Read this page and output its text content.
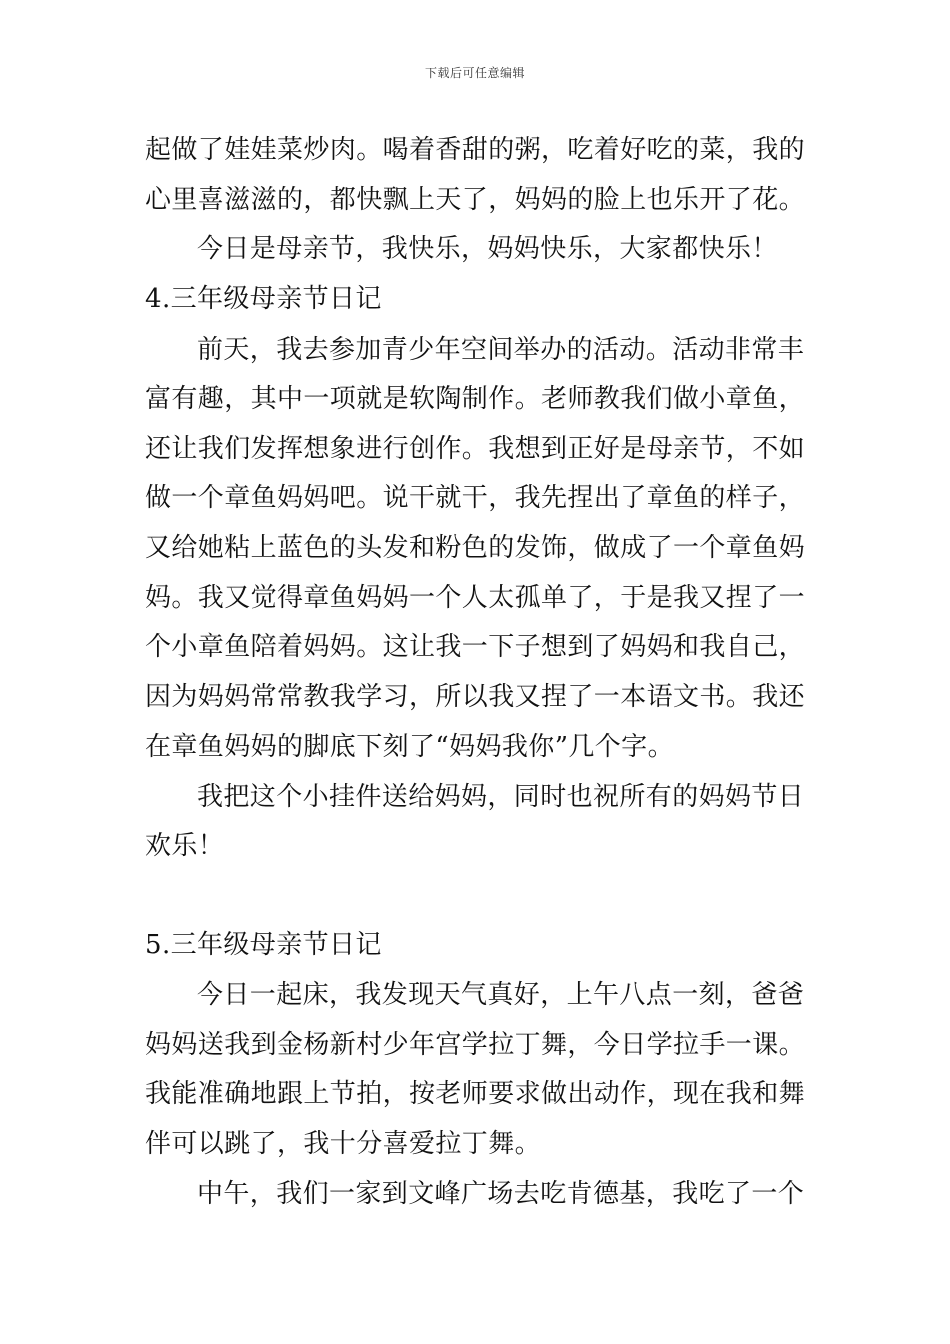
下载后可任意编辑
起做了娃娃菜炒肉。喝着香甜的粥，吃着好吃的菜，我的
心里喜滋滋的，都快飘上天了，妈妈的脸上也乐开了花。
今日是母亲节，我快乐，妈妈快乐，大家都快乐！
4.三年级母亲节日记
前天，我去参加青少年空间举办的活动。活动非常丰
富有趣，其中一项就是软陶制作。老师教我们做小章鱼，
还让我们发挥想象进行创作。我想到正好是母亲节，不如
做一个章鱼妈妈吧。说干就干，我先捏出了章鱼的样子，
又给她粘上蓝色的头发和粉色的发饰，做成了一个章鱼妈
妈。我又觉得章鱼妈妈一个人太孤单了，于是我又捏了一
个小章鱼陪着妈妈。这让我一下子想到了妈妈和我自己，
因为妈妈常常教我学习，所以我又捏了一本语文书。我还
在章鱼妈妈的脚底下刻了“妈妈我你”几个字。
我把这个小挂件送给妈妈，同时也祝所有的妈妈节日
欢乐！
5.三年级母亲节日记
今日一起床，我发现天气真好，上午八点一刻，爸爸
妈妈送我到金杨新村少年宫学拉丁舞，今日学拉手一课。
我能准确地跟上节拍，按老师要求做出动作，现在我和舞
伴可以跳了，我十分喜爱拉丁舞。
中午，我们一家到文峰广场去吃肯德基，我吃了一个
